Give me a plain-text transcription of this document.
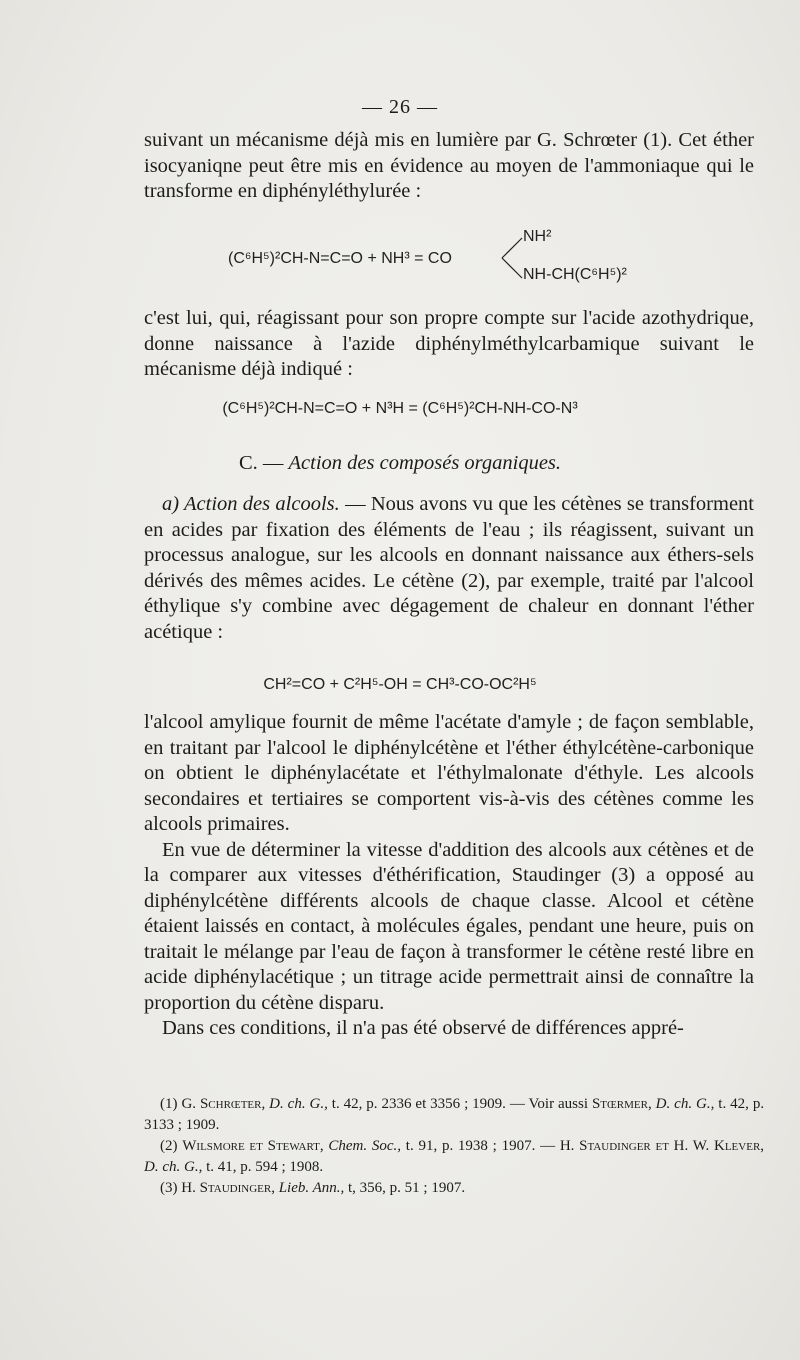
— 26 —

suivant un mécanisme déjà mis en lumière par G. Schrœter (1). Cet éther isocyaniqne peut être mis en évidence au moyen de l'ammoniaque qui le transforme en diphényléthylurée :

(C⁶H⁵)²CH-N=C=O + NH³ = CO
NH²
NH-CH(C⁶H⁵)²

c'est lui, qui, réagissant pour son propre compte sur l'acide azothydrique, donne naissance à l'azide diphénylméthylcarbamique suivant le mécanisme déjà indiqué :

(C⁶H⁵)²CH-N=C=O + N³H = (C⁶H⁵)²CH-NH-CO-N³
C. — Action des composés organiques.

a) Action des alcools. — Nous avons vu que les cétènes se transforment en acides par fixation des éléments de l'eau ; ils réagissent, suivant un processus analogue, sur les alcools en donnant naissance aux éthers-sels dérivés des mêmes acides. Le cétène (2), par exemple, traité par l'alcool éthylique s'y combine avec dégagement de chaleur en donnant l'éther acétique :

CH²=CO + C²H⁵-OH = CH³-CO-OC²H⁵

l'alcool amylique fournit de même l'acétate d'amyle ; de façon semblable, en traitant par l'alcool le diphénylcétène et l'éther éthylcétène-carbonique on obtient le diphénylacétate et l'éthylmalonate d'éthyle. Les alcools secondaires et tertiaires se comportent vis-à-vis des cétènes comme les alcools primaires.

En vue de déterminer la vitesse d'addition des alcools aux cétènes et de la comparer aux vitesses d'éthérification, Staudinger (3) a opposé au diphénylcétène différents alcools de chaque classe. Alcool et cétène étaient laissés en contact, à molécules égales, pendant une heure, puis on traitait le mélange par l'eau de façon à transformer le cétène resté libre en acide diphénylacétique ; un titrage acide permettrait ainsi de connaître la proportion du cétène disparu.

Dans ces conditions, il n'a pas été observé de différences appré-

(1) G. Schrœter, D. ch. G., t. 42, p. 2336 et 3356 ; 1909. — Voir aussi Stœrmer, D. ch. G., t. 42, p. 3133 ; 1909.

(2) Wilsmore et Stewart, Chem. Soc., t. 91, p. 1938 ; 1907. — H. Staudinger et H. W. Klever, D. ch. G., t. 41, p. 594 ; 1908.

(3) H. Staudinger, Lieb. Ann., t, 356, p. 51 ; 1907.
